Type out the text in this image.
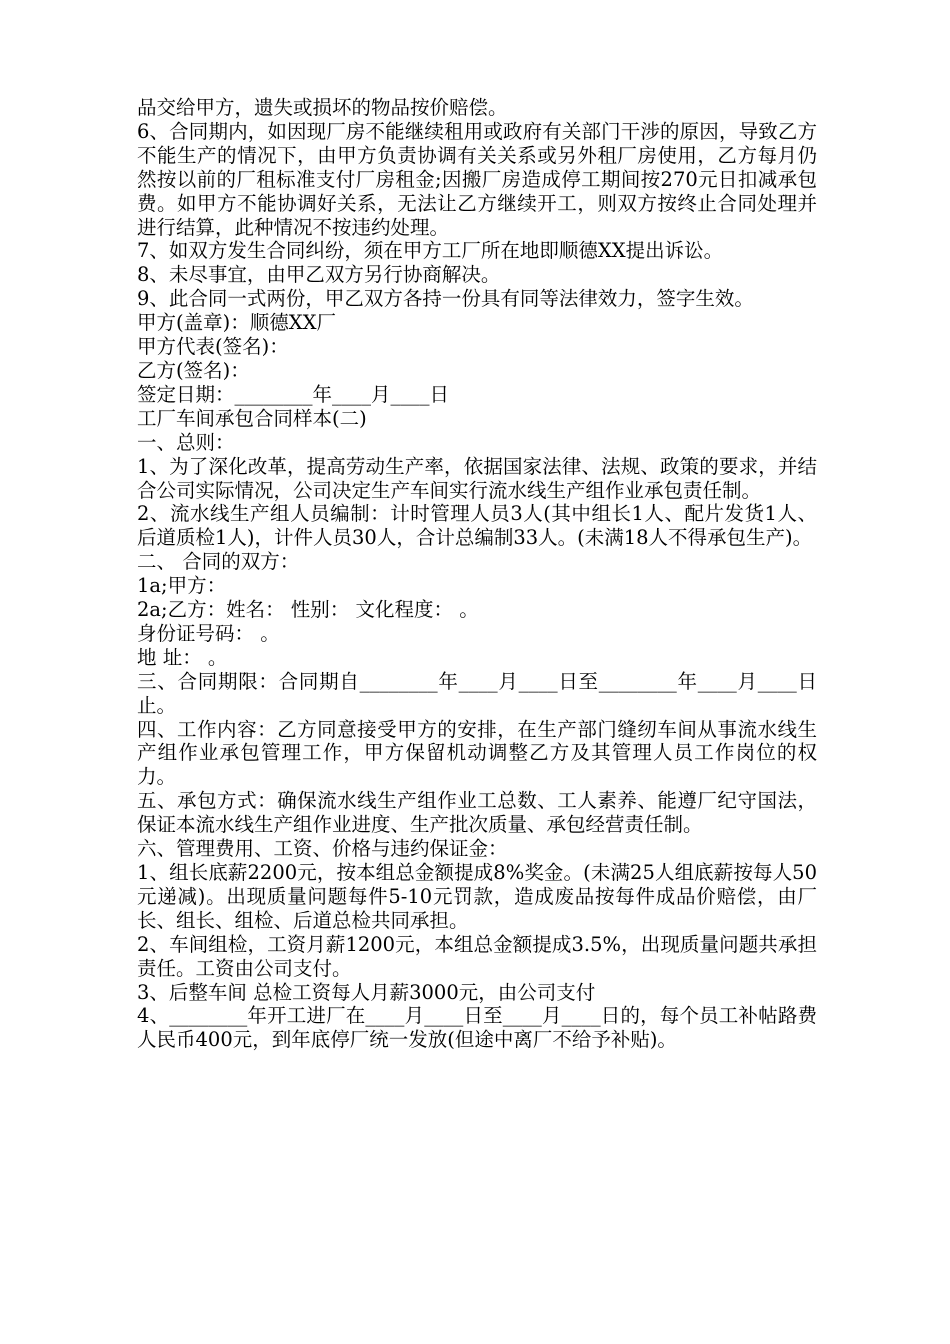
品交给甲方，遗失或损坏的物品按价赔偿。

6、合同期内，如因现厂房不能继续租用或政府有关部门干涉的原因，导致乙方不能生产的情况下，由甲方负责协调有关关系或另外租厂房使用，乙方每月仍然按以前的厂租标准支付厂房租金;因搬厂房造成停工期间按270元日扣减承包费。如甲方不能协调好关系，无法让乙方继续开工，则双方按终止合同处理并进行结算，此种情况不按违约处理。

7、如双方发生合同纠纷，须在甲方工厂所在地即顺德XX提出诉讼。

8、未尽事宜，由甲乙双方另行协商解决。

9、此合同一式两份，甲乙双方各持一份具有同等法律效力，签字生效。

甲方(盖章)：顺德XX厂

甲方代表(签名)：

乙方(签名)：

签定日期：________年____月____日

工厂车间承包合同样本(二)

一、总则：

1、为了深化改革，提高劳动生产率，依据国家法律、法规、政策的要求，并结合公司实际情况，公司决定生产车间实行流水线生产组作业承包责任制。

2、流水线生产组人员编制：计时管理人员3人(其中组长1人、配片发货1人、后道质检1人)，计件人员30人，合计总编制33人。(未满18人不得承包生产)。

二、 合同的双方：

1a;甲方：

2a;乙方：姓名： 性别： 文化程度： 。

身份证号码： 。

地 址： 。

三、合同期限：合同期自________年____月____日至________年____月____日止。

四、工作内容：乙方同意接受甲方的安排，在生产部门缝纫车间从事流水线生产组作业承包管理工作，甲方保留机动调整乙方及其管理人员工作岗位的权力。

五、承包方式：确保流水线生产组作业工总数、工人素养、能遵厂纪守国法，保证本流水线生产组作业进度、生产批次质量、承包经营责任制。

六、管理费用、工资、价格与违约保证金：

1、组长底薪2200元，按本组总金额提成8%奖金。(未满25人组底薪按每人50元递减)。出现质量问题每件5-10元罚款，造成废品按每件成品价赔偿，由厂长、组长、组检、后道总检共同承担。

2、车间组检，工资月薪1200元，本组总金额提成3.5%，出现质量问题共承担责任。工资由公司支付。

3、后整车间 总检工资每人月薪3000元，由公司支付

4、________年开工进厂在____月____日至____月____日的，每个员工补帖路费人民币400元，到年底停厂统一发放(但途中离厂不给予补贴)。
